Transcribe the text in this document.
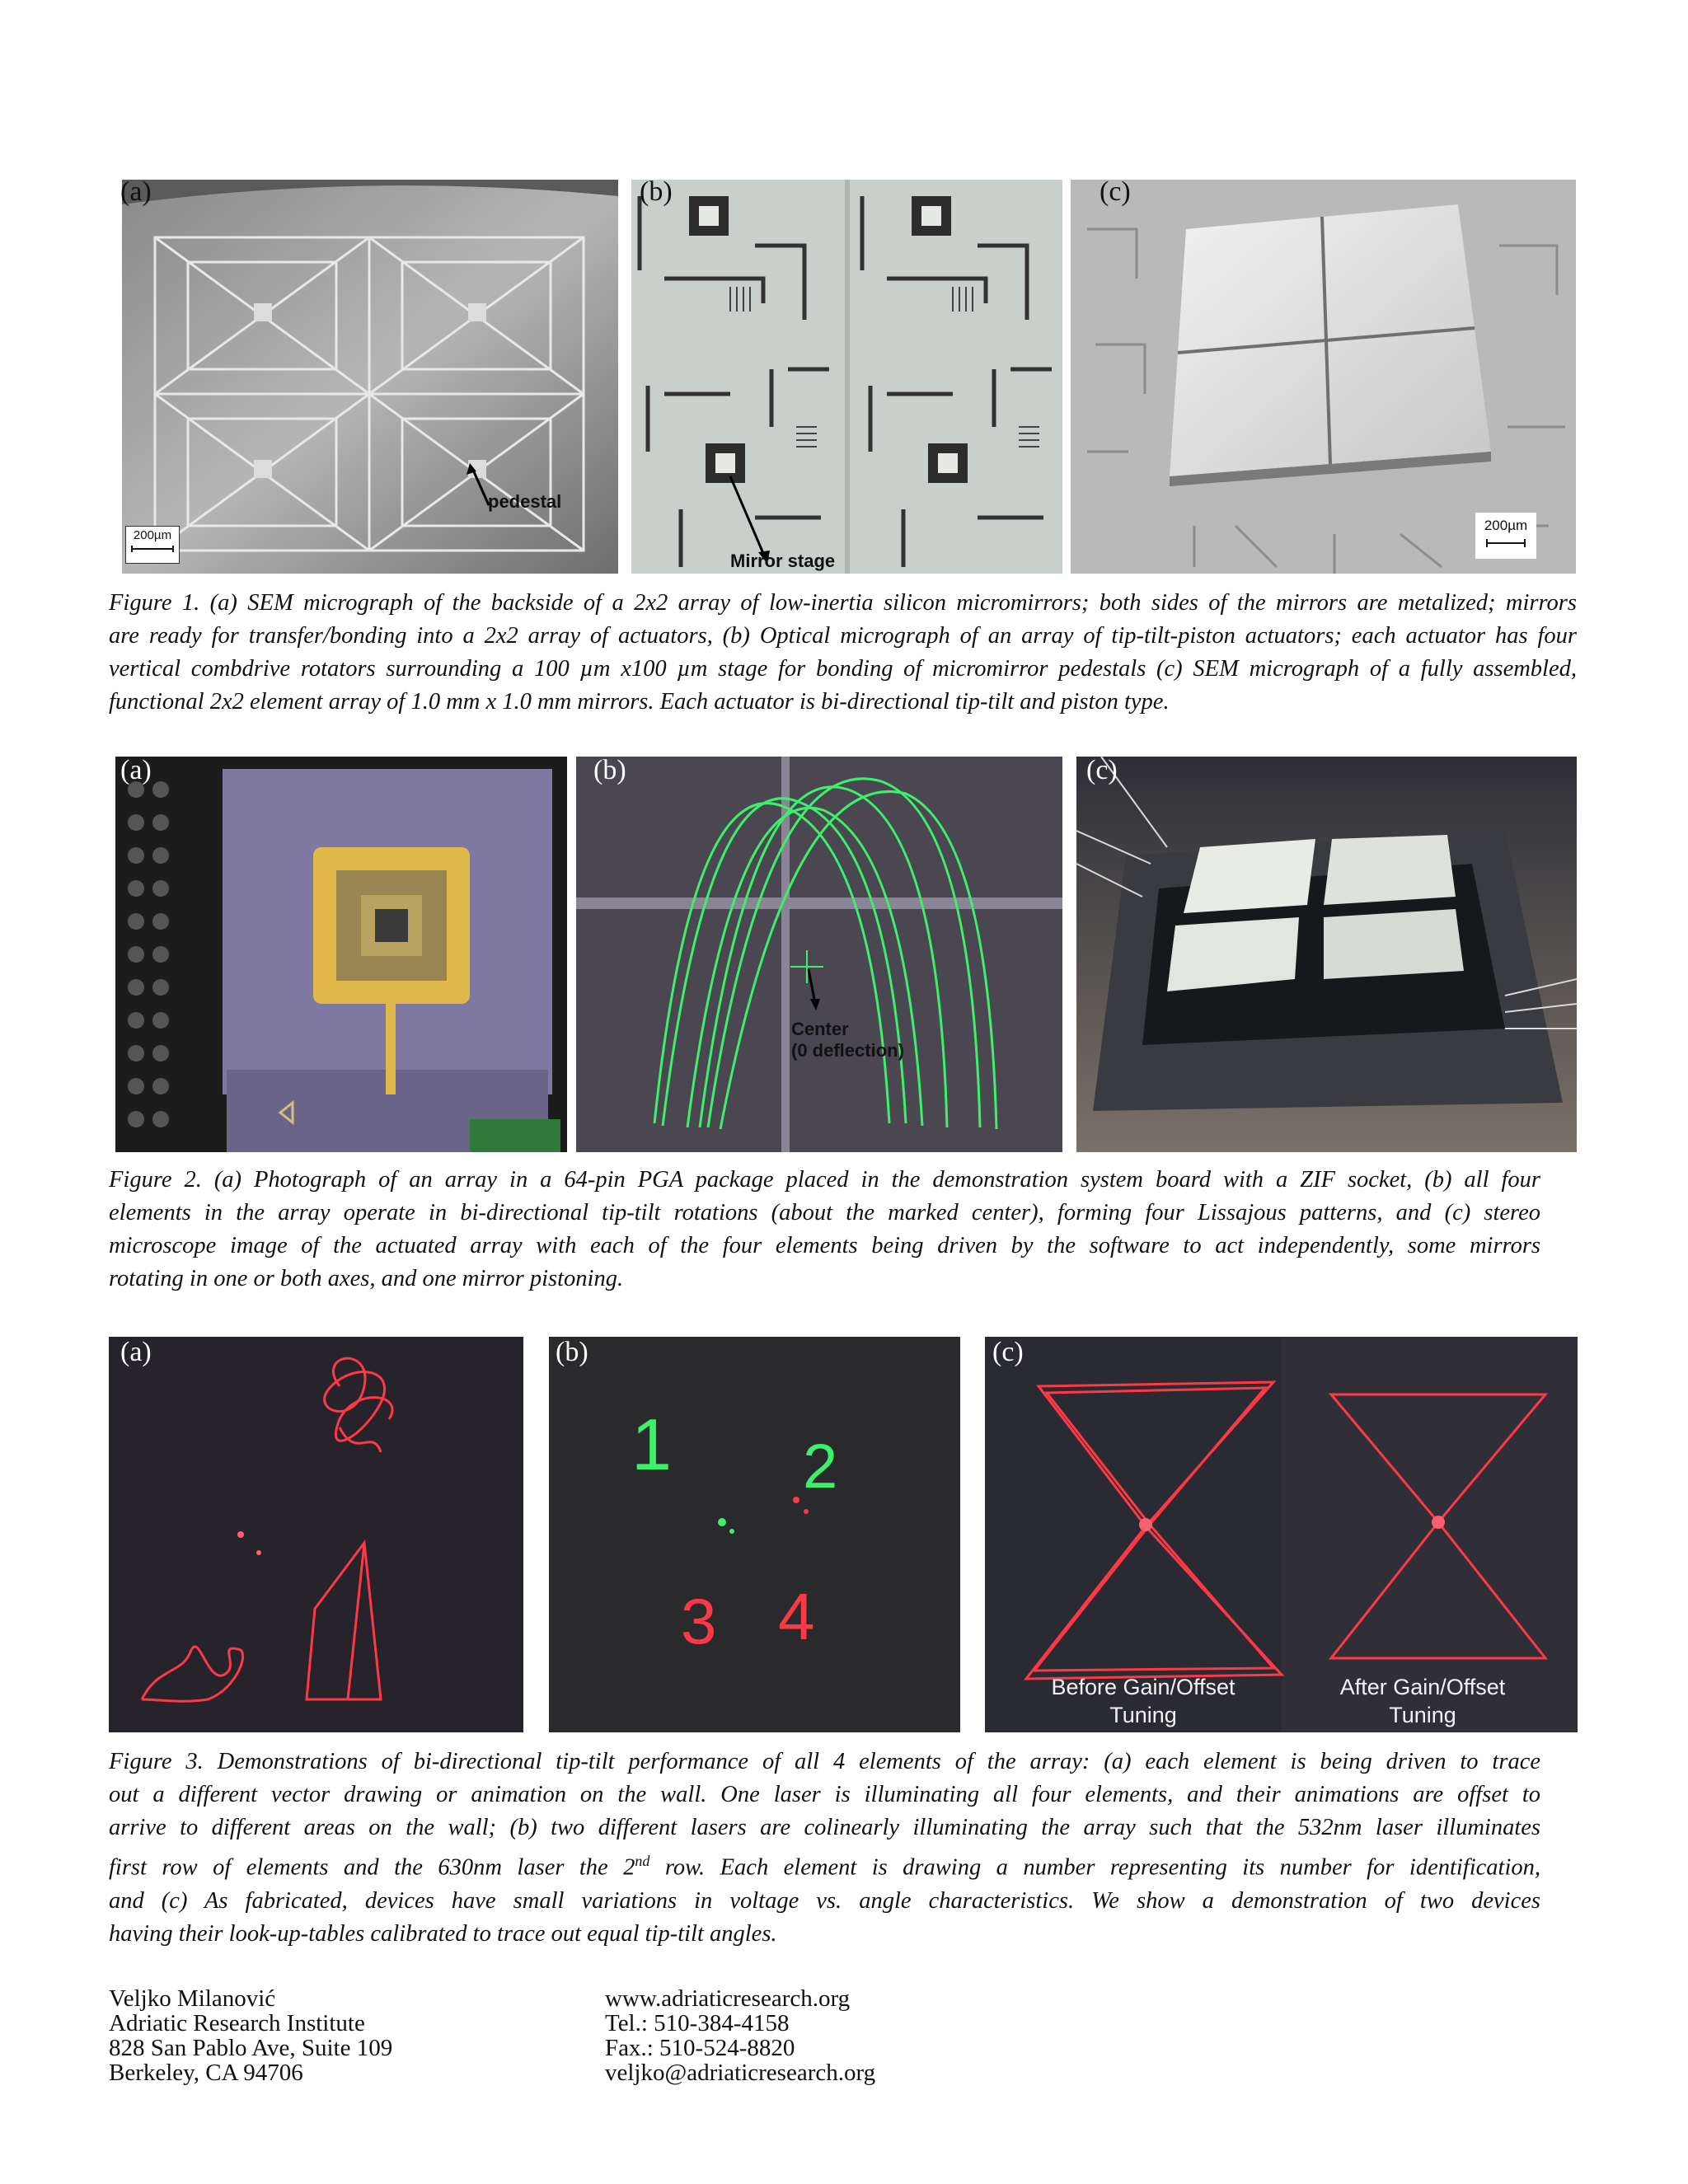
(a)
pedestal
200µm
(b)
Mirror stage
(c)
200µm
Figure 1. (a) SEM micrograph of the backside of a 2x2 array of low-inertia silicon micromirrors; both sides of the mirrors are metalized; mirrors
are ready for transfer/bonding into a 2x2 array of actuators, (b) Optical micrograph of an array of tip-tilt-piston actuators; each actuator has four
vertical combdrive rotators surrounding a 100 µm x100 µm stage for bonding of micromirror pedestals (c) SEM micrograph of a fully assembled,
functional 2x2 element array of 1.0 mm x 1.0 mm mirrors. Each actuator is bi-directional tip-tilt and piston type.
(a)	(b)
Center
(0 deflection)
(c)
Figure 2. (a) Photograph of an array in a 64-pin PGA package placed in the demonstration system board with a ZIF socket, (b) all four
elements in the array operate in bi-directional tip-tilt rotations (about the marked center), forming four Lissajous patterns, and (c) stereo
microscope image of the actuated array with each of the four elements being driven by the software to act independently, some mirrors
rotating in one or both axes, and one mirror pistoning.
(a)	(b)
1 2
3 4
(c)
Before Gain/Offset
Tuning
After Gain/Offset
Tuning
Figure 3. Demonstrations of bi-directional tip-tilt performance of all 4 elements of the array: (a) each element is being driven to trace
out a different vector drawing or animation on the wall. One laser is illuminating all four elements, and their animations are offset to
arrive to different areas on the wall; (b) two different lasers are colinearly illuminating the array such that the 532nm laser illuminates
first row of elements and the 630nm laser the 2nd row. Each element is drawing a number representing its number for identification,
and (c) As fabricated, devices have small variations in voltage vs. angle characteristics. We show a demonstration of two devices
having their look-up-tables calibrated to trace out equal tip-tilt angles.
Veljko Milanović
Adriatic Research Institute
828 San Pablo Ave, Suite 109
Berkeley, CA 94706
www.adriaticresearch.org
Tel.: 510-384-4158
Fax.: 510-524-8820
veljko@adriaticresearch.org
